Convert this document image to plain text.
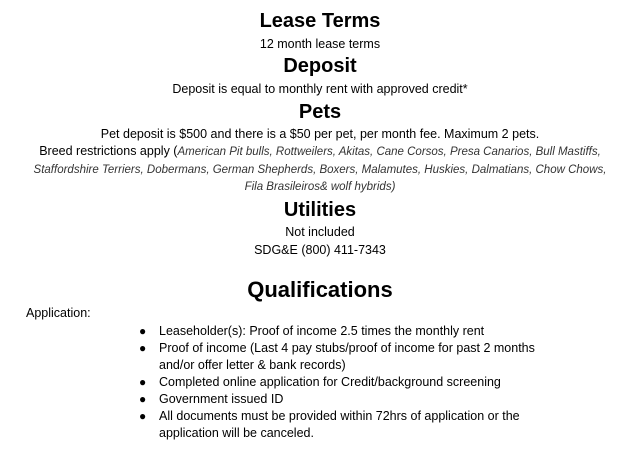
Lease Terms

12 month lease terms

Deposit

Deposit is equal to monthly rent with approved credit*

Pets

Pet deposit is $500 and there is a $50 per pet, per month fee. Maximum 2 pets.

Breed restrictions apply (American Pit bulls, Rottweilers, Akitas, Cane Corsos, Presa Canarios, Bull Mastiffs, Staffordshire Terriers, Dobermans, German Shepherds, Boxers, Malamutes, Huskies, Dalmatians, Chow Chows, Fila Brasileiros& wolf hybrids)

Utilities

Not included

SDG&E (800) 411-7343

Qualifications

Application:

● Leaseholder(s): Proof of income 2.5 times the monthly rent
● Proof of income (Last 4 pay stubs/proof of income for past 2 months and/or offer letter & bank records)
● Completed online application for Credit/background screening
● Government issued ID
● All documents must be provided within 72hrs of application or the application will be canceled.
